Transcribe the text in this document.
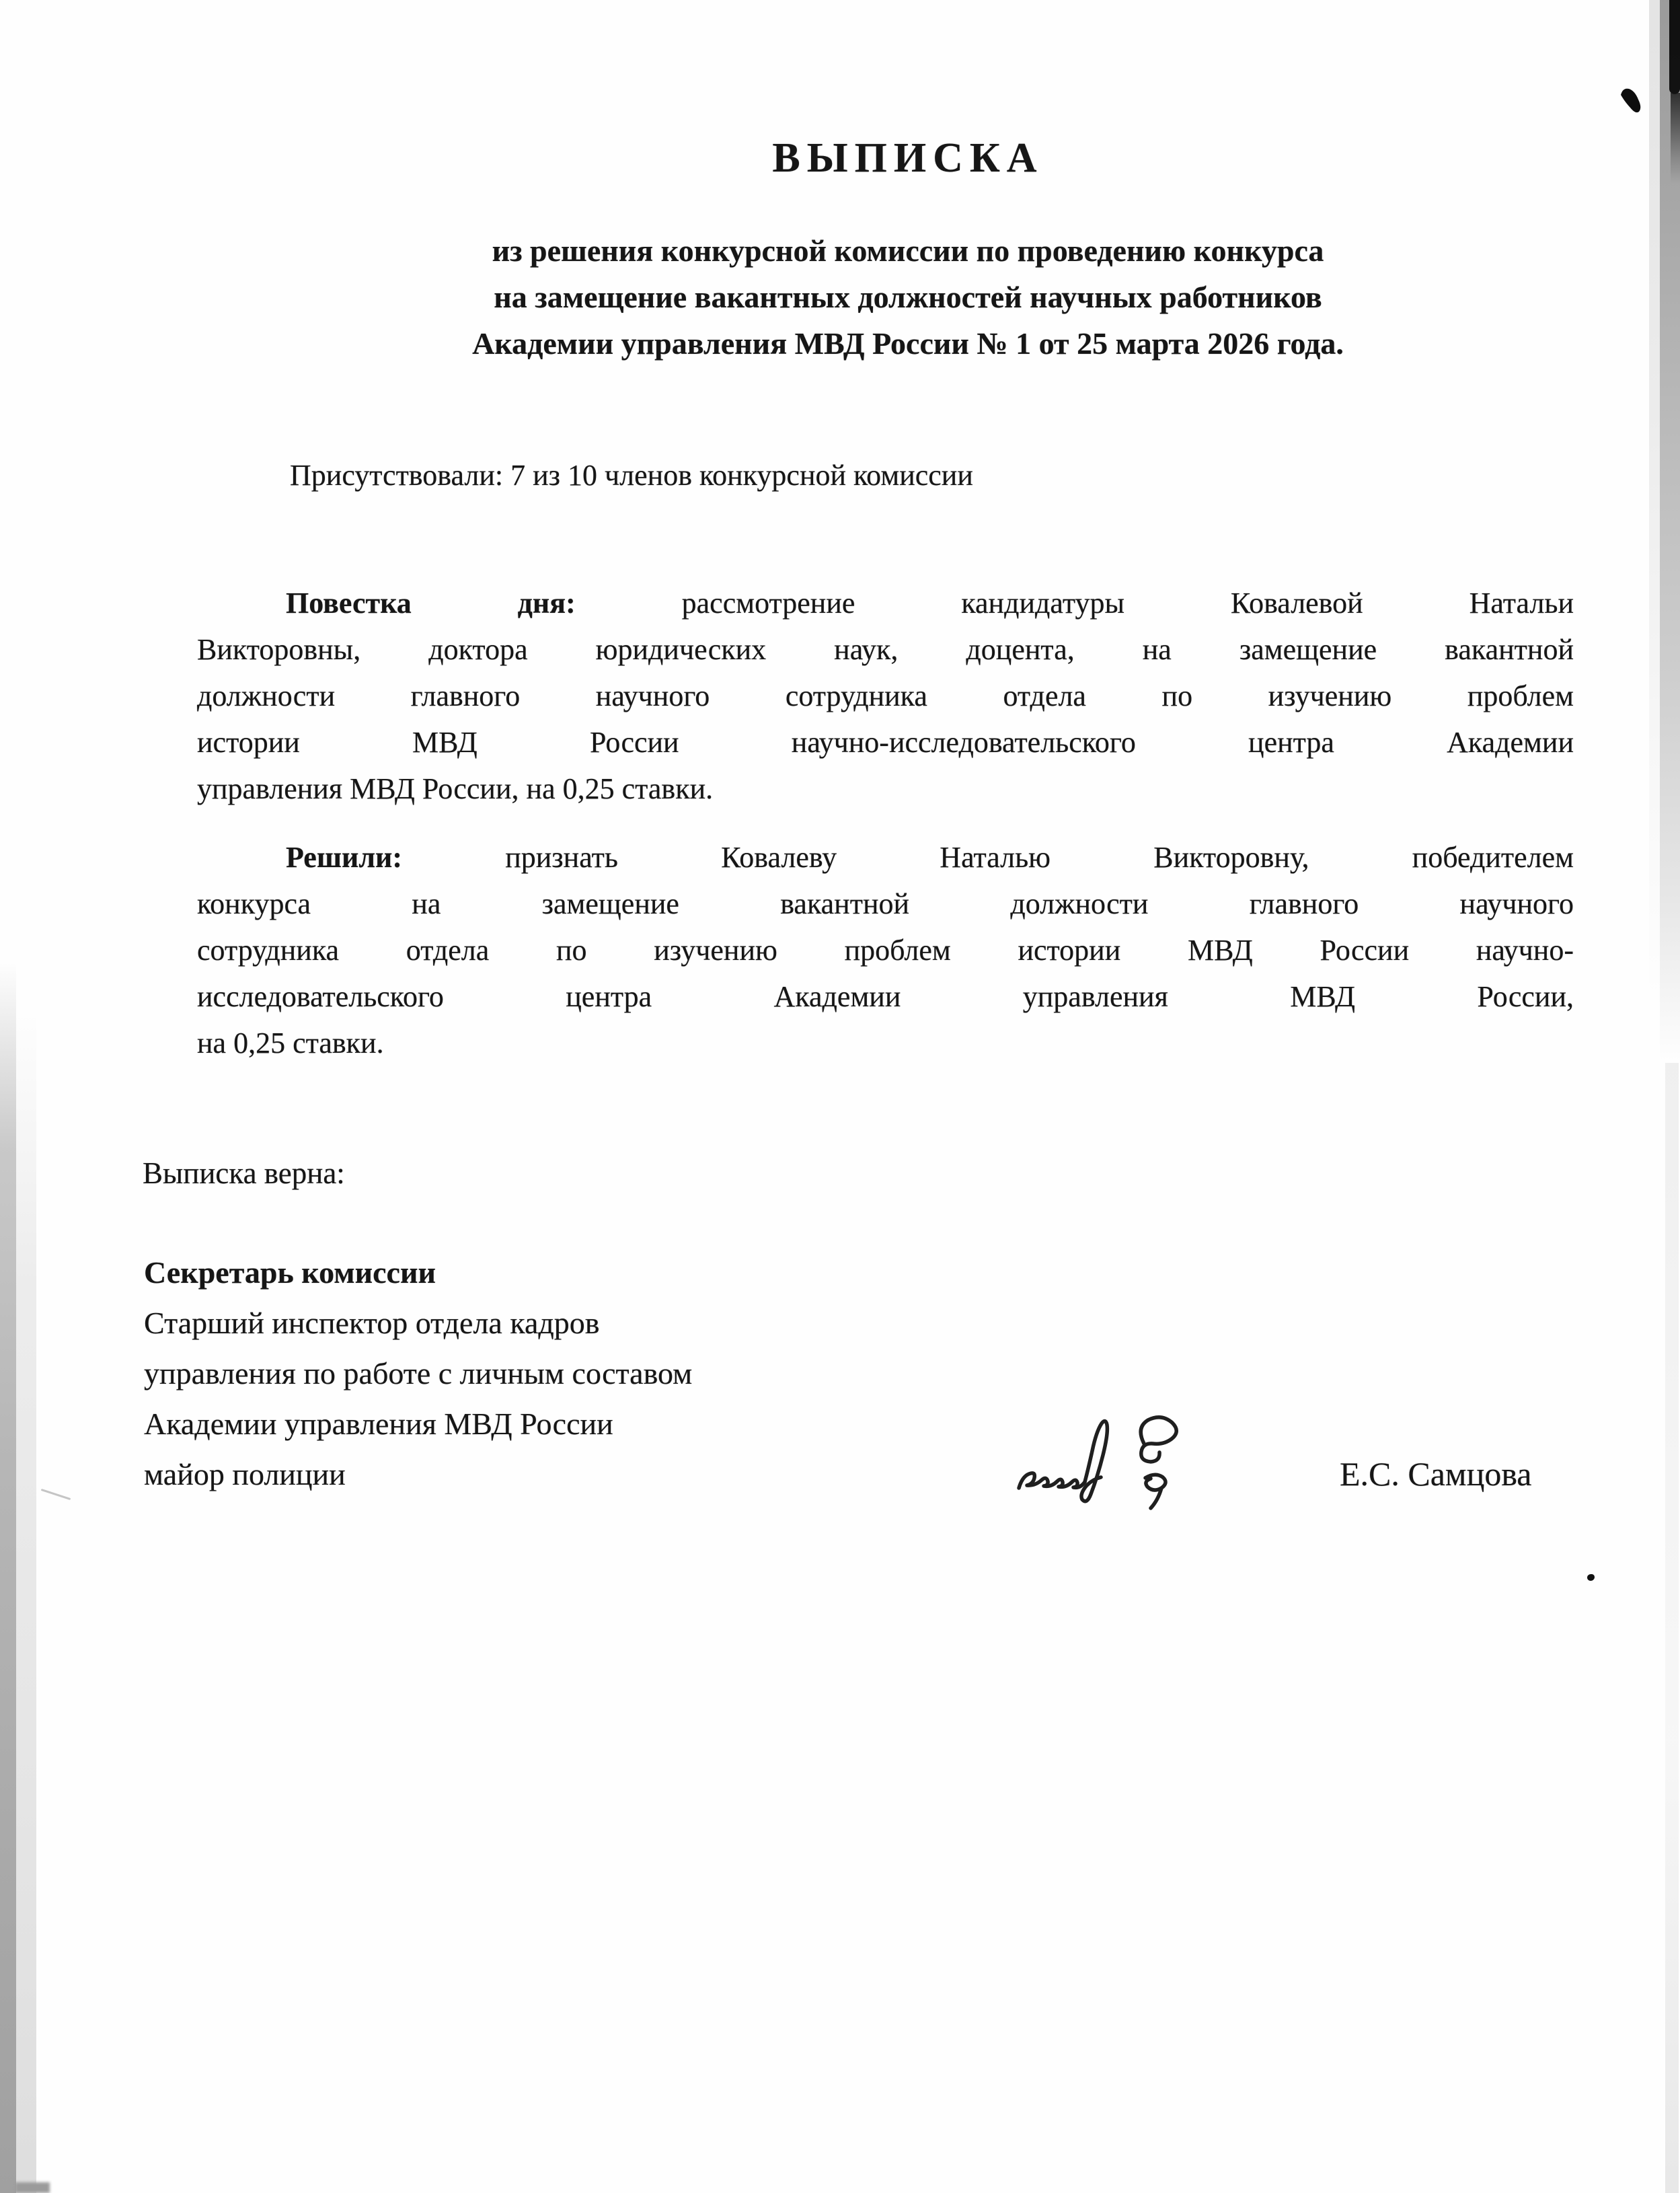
ВЫПИСКА
из решения конкурсной комиссии по проведению конкурса
на замещение вакантных должностей научных работников
Академии управления МВД России № 1 от 25 марта 2026 года.
Присутствовали: 7 из 10 членов конкурсной комиссии
Повестка дня:	рассмотрение кандидатуры Ковалевой Натальи
Викторовны, доктора юридических наук, доцента, на замещение вакантной
должности главного научного сотрудника отдела по изучению проблем
истории МВД России научно-исследовательского центра Академии
управления МВД России, на 0,25 ставки.
Решили:	признать Ковалеву Наталью Викторовну, победителем
конкурса на замещение вакантной должности главного научного
сотрудника отдела по изучению проблем истории МВД России научно-
исследовательского центра Академии управления МВД России,
на 0,25 ставки.
Выписка верна:
Секретарь комиссии
Старший инспектор отдела кадров
управления по работе с личным составом
Академии управления МВД России
майор полиции	Е.С. Самцова
